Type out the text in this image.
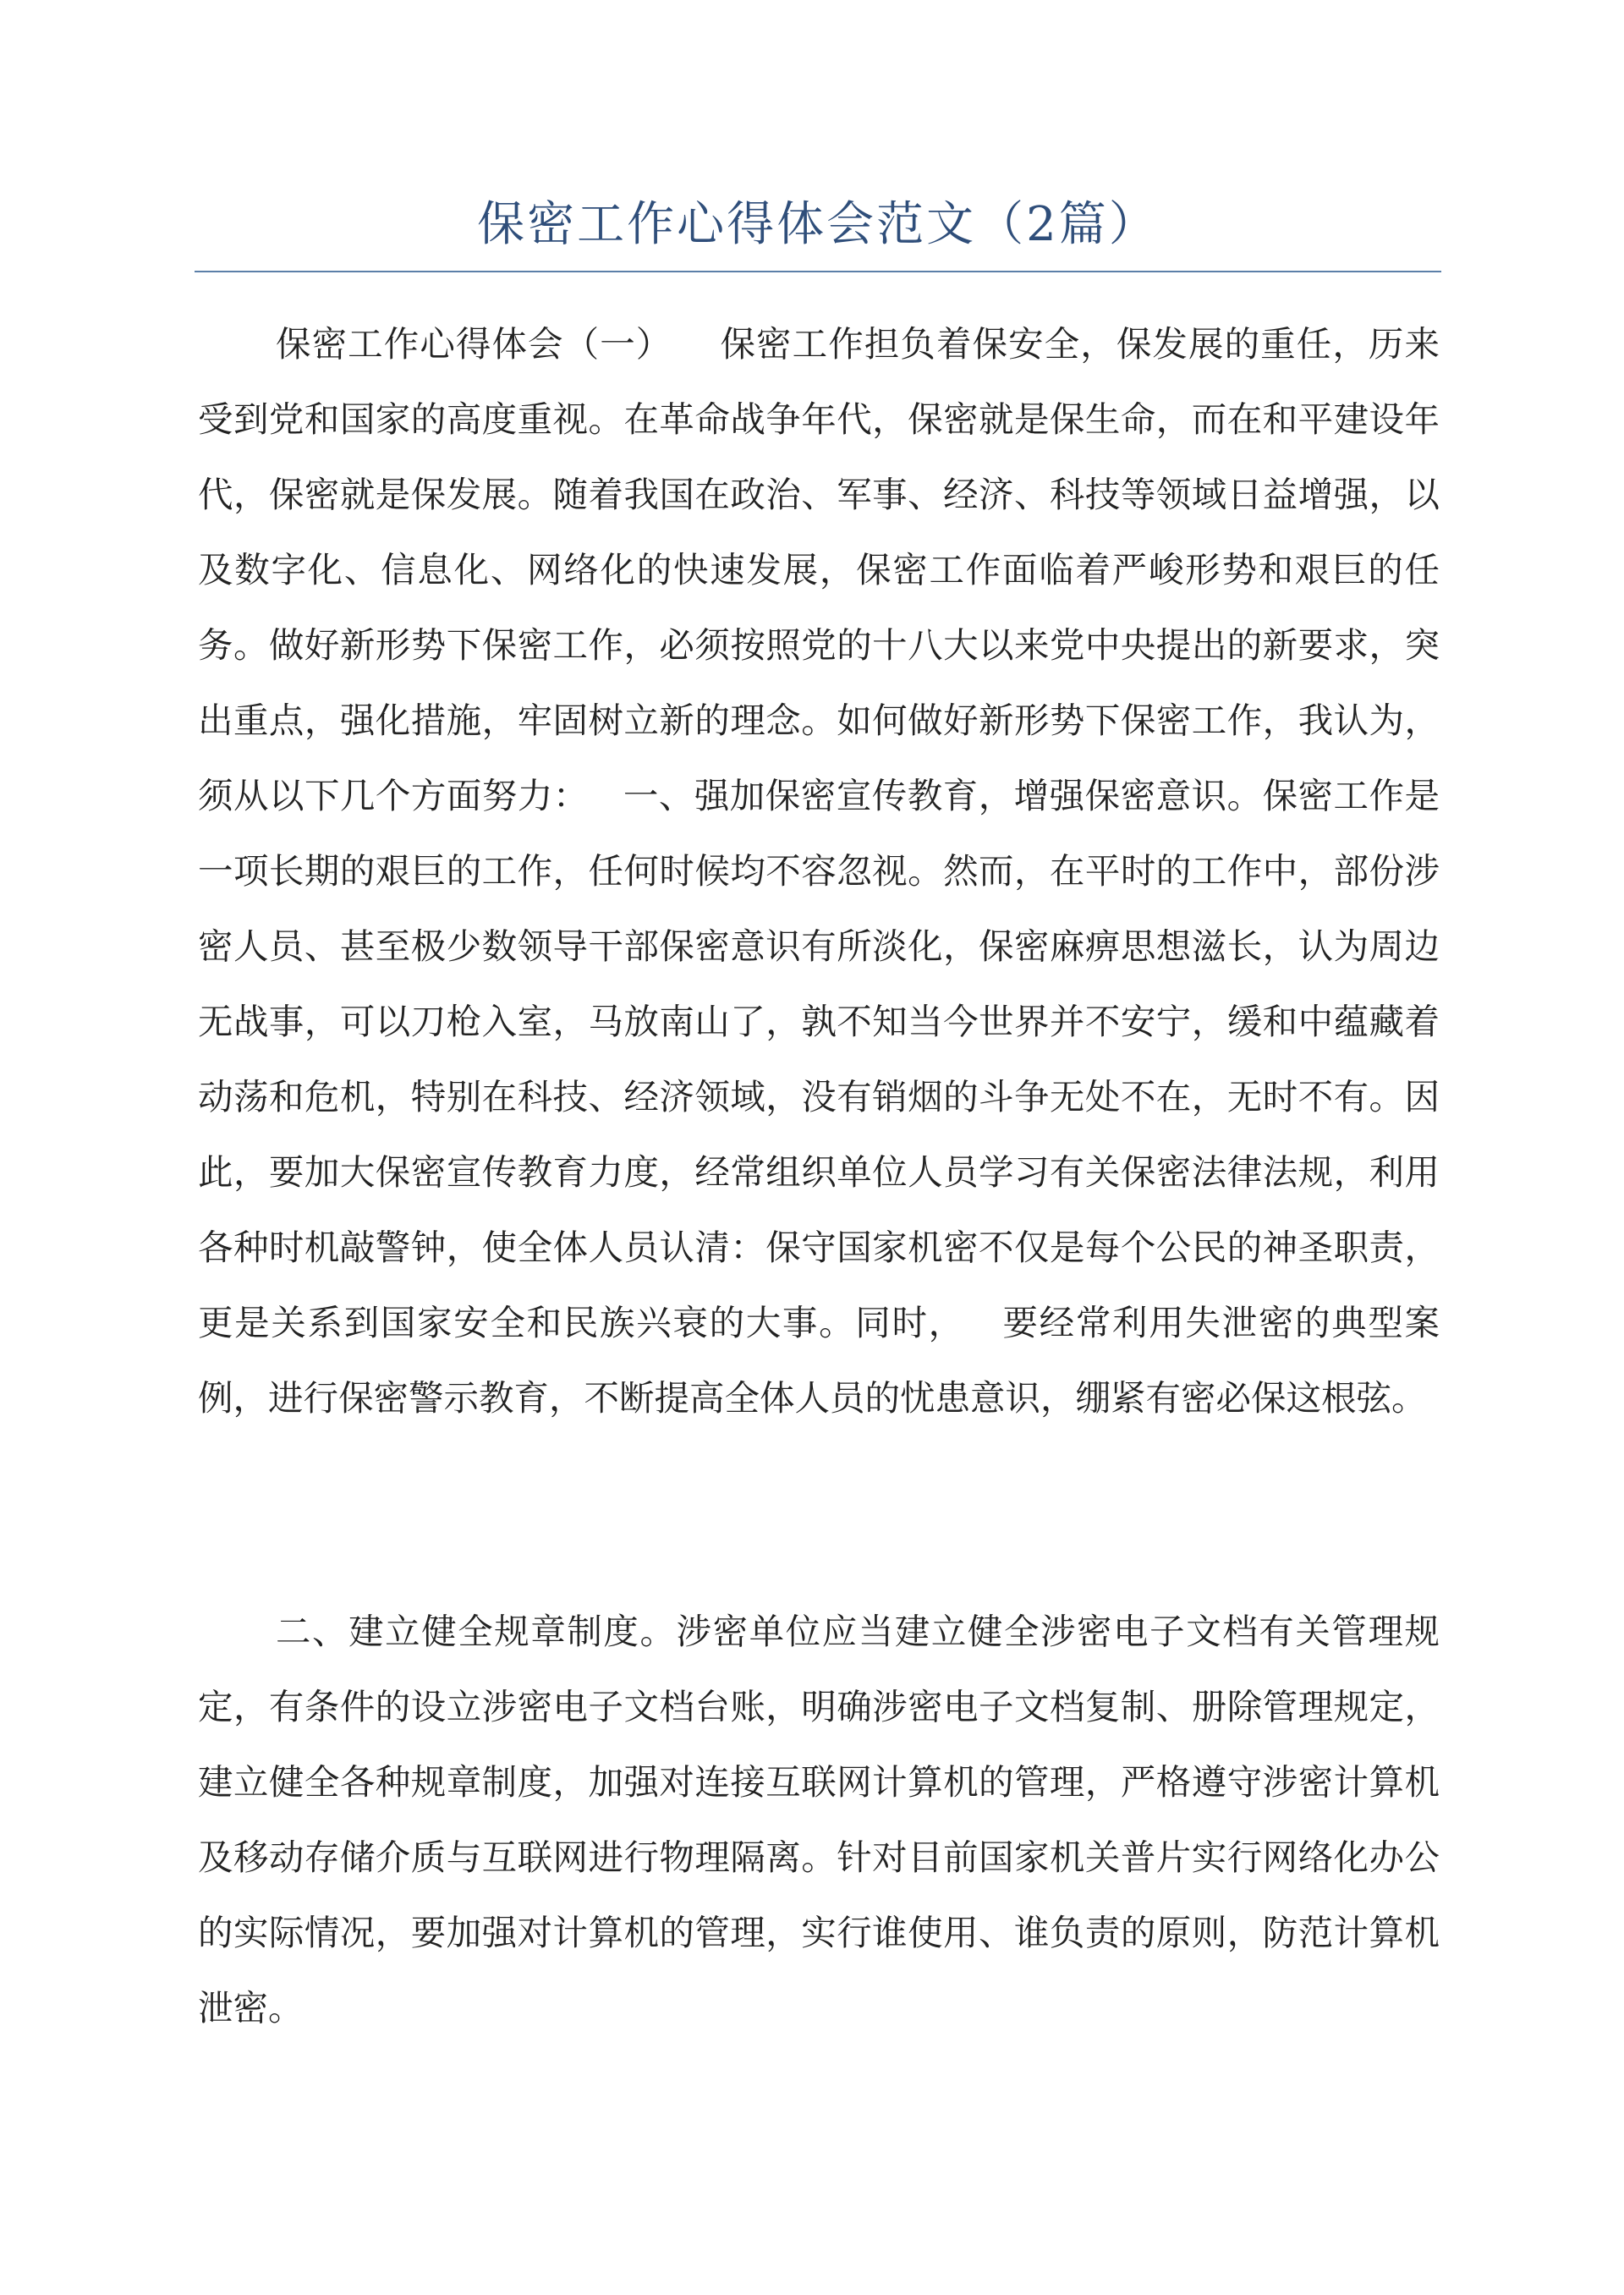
保密工作心得体会范文（2篇）

保密工作心得体会（一）    保密工作担负着保安全，保发展的重任，历来受到党和国家的高度重视。在革命战争年代，保密就是保生命，而在和平建设年代，保密就是保发展。随着我国在政治、军事、经济、科技等领域日益增强，以及数字化、信息化、网络化的快速发展，保密工作面临着严峻形势和艰巨的任务。做好新形势下保密工作，必须按照党的十八大以来党中央提出的新要求，突出重点，强化措施，牢固树立新的理念。如何做好新形势下保密工作，我认为，须从以下几个方面努力：   一、强加保密宣传教育，增强保密意识。保密工作是一项长期的艰巨的工作，任何时候均不容忽视。然而，在平时的工作中，部份涉密人员、甚至极少数领导干部保密意识有所淡化，保密麻痹思想滋长，认为周边无战事，可以刀枪入室，马放南山了，孰不知当今世界并不安宁，缓和中蕴藏着动荡和危机，特别在科技、经济领域，没有销烟的斗争无处不在，无时不有。因此，要加大保密宣传教育力度，经常组织单位人员学习有关保密法律法规，利用各种时机敲警钟，使全体人员认清：保守国家机密不仅是每个公民的神圣职责，更是关系到国家安全和民族兴衰的大事。同时，   要经常利用失泄密的典型案例，进行保密警示教育，不断提高全体人员的忧患意识，绷紧有密必保这根弦。

二、建立健全规章制度。涉密单位应当建立健全涉密电子文档有关管理规定，有条件的设立涉密电子文档台账，明确涉密电子文档复制、册除管理规定，建立健全各种规章制度，加强对连接互联网计算机的管理，严格遵守涉密计算机及移动存储介质与互联网进行物理隔离。针对目前国家机关普片实行网络化办公的实际情况，要加强对计算机的管理，实行谁使用、谁负责的原则，防范计算机泄密。
